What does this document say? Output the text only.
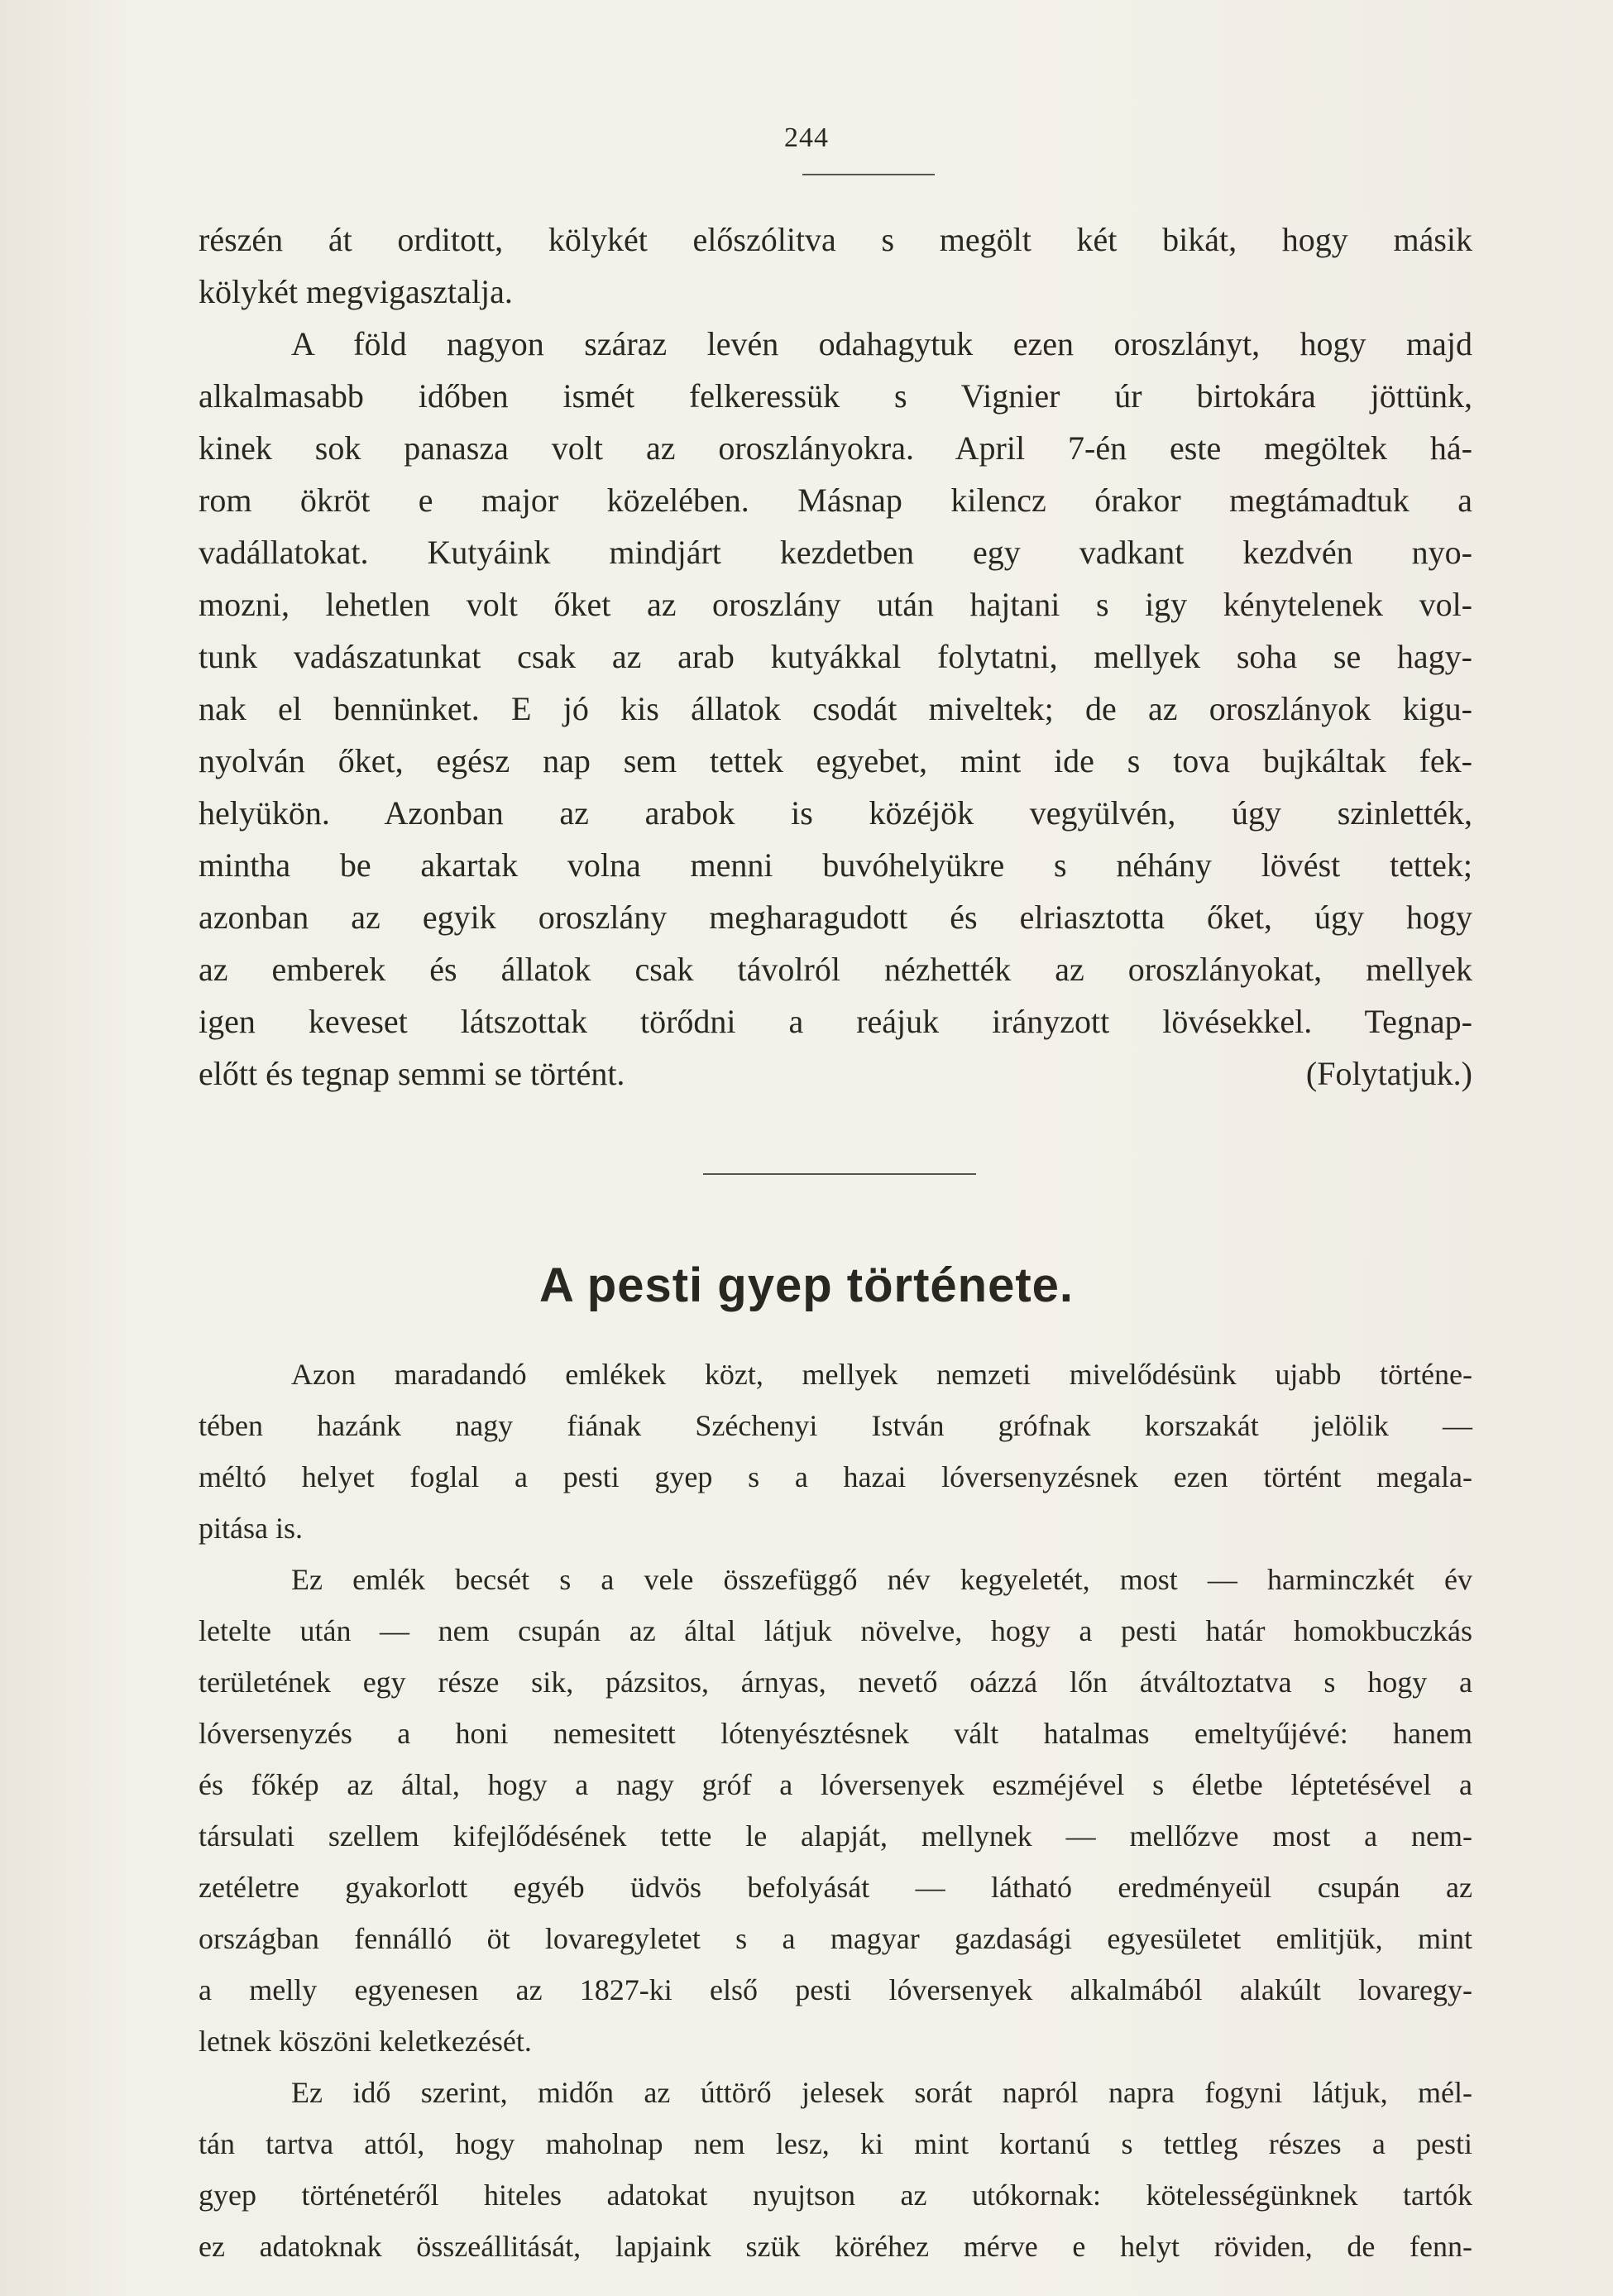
244
részén át orditott, kölykét előszólitva s megölt két bikát, hogy másik
kölykét megvigasztalja.
A föld nagyon száraz levén odahagytuk ezen oroszlányt, hogy majd
alkalmasabb időben ismét felkeressük s Vignier úr birtokára jöttünk,
kinek sok panasza volt az oroszlányokra. April 7-én este megöltek há-
rom ökröt e major közelében. Másnap kilencz órakor megtámadtuk a
vadállatokat. Kutyáink mindjárt kezdetben egy vadkant kezdvén nyo-
mozni, lehetlen volt őket az oroszlány után hajtani s igy kénytelenek vol-
tunk vadászatunkat csak az arab kutyákkal folytatni, mellyek soha se hagy-
nak el bennünket. E jó kis állatok csodát miveltek; de az oroszlányok kigu-
nyolván őket, egész nap sem tettek egyebet, mint ide s tova bujkáltak fek-
helyükön. Azonban az arabok is közéjök vegyülvén, úgy szinlették,
mintha be akartak volna menni buvóhelyükre s néhány lövést tettek;
azonban az egyik oroszlány megharagudott és elriasztotta őket, úgy hogy
az emberek és állatok csak távolról nézhették az oroszlányokat, mellyek
igen keveset látszottak törődni a reájuk irányzott lövésekkel. Tegnap-
előtt és tegnap semmi se történt.	(Folytatjuk.)
A pesti gyep története.
Azon maradandó emlékek közt, mellyek nemzeti mivelődésünk ujabb történe-
tében hazánk nagy fiának Széchenyi István grófnak korszakát jelölik —
méltó helyet foglal a pesti gyep s a hazai lóversenyzésnek ezen történt megala-
pitása is.
Ez emlék becsét s a vele összefüggő név kegyeletét, most — harminczkét év
letelte után — nem csupán az által látjuk növelve, hogy a pesti határ homokbuczkás
területének egy része sik, pázsitos, árnyas, nevető oázzá lőn átváltoztatva s hogy a
lóversenyzés a honi nemesitett lótenyésztésnek vált hatalmas emeltyűjévé: hanem
és főkép az által, hogy a nagy gróf a lóversenyek eszméjével s életbe léptetésével a
társulati szellem kifejlődésének tette le alapját, mellynek — mellőzve most a nem-
zetéletre gyakorlott egyéb üdvös befolyását — látható eredményeül csupán az
országban fennálló öt lovaregyletet s a magyar gazdasági egyesületet emlitjük, mint
a melly egyenesen az 1827-ki első pesti lóversenyek alkalmából alakúlt lovaregy-
letnek köszöni keletkezését.
Ez idő szerint, midőn az úttörő jelesek sorát napról napra fogyni látjuk, mél-
tán tartva attól, hogy maholnap nem lesz, ki mint kortanú s tettleg részes a pesti
gyep történetéről hiteles adatokat nyujtson az utókornak: kötelességünknek tartók
ez adatoknak összeállitását, lapjaink szük köréhez mérve e helyt röviden, de fenn-
